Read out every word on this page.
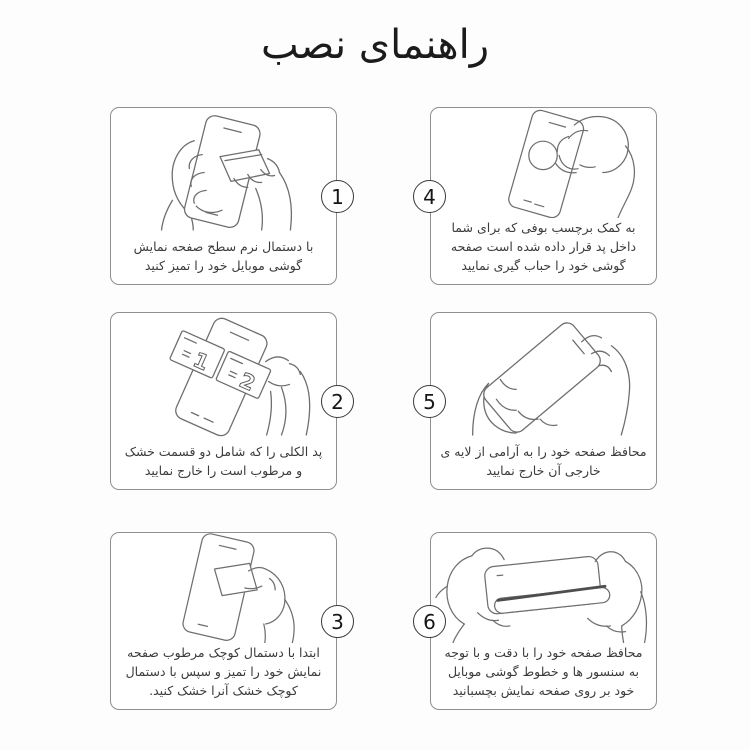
راهنمای نصب
1
با دستمال نرم سطح صفحه نمایش
گوشی موبایل خود را تمیز کنید
2
1
2
پد الکلی را که شامل دو قسمت خشک
و مرطوب است را خارج نمایید
3
ابتدا با دستمال کوچک مرطوب صفحه
نمایش خود را تمیز و سپس با دستمال
کوچک خشک آنرا خشک کنید.
4
به کمک برچسب بوفی که برای شما
داخل پد قرار داده شده است صفحه
گوشی خود را حباب گیری نمایید
5
محافظ صفحه خود را به آرامی از لایه ی
خارجی آن خارج نمایید
6
محافظ صفحه خود را با دقت و با توجه
به سنسور ها و خطوط گوشی موبایل
خود بر روی صفحه نمایش بچسبانید
